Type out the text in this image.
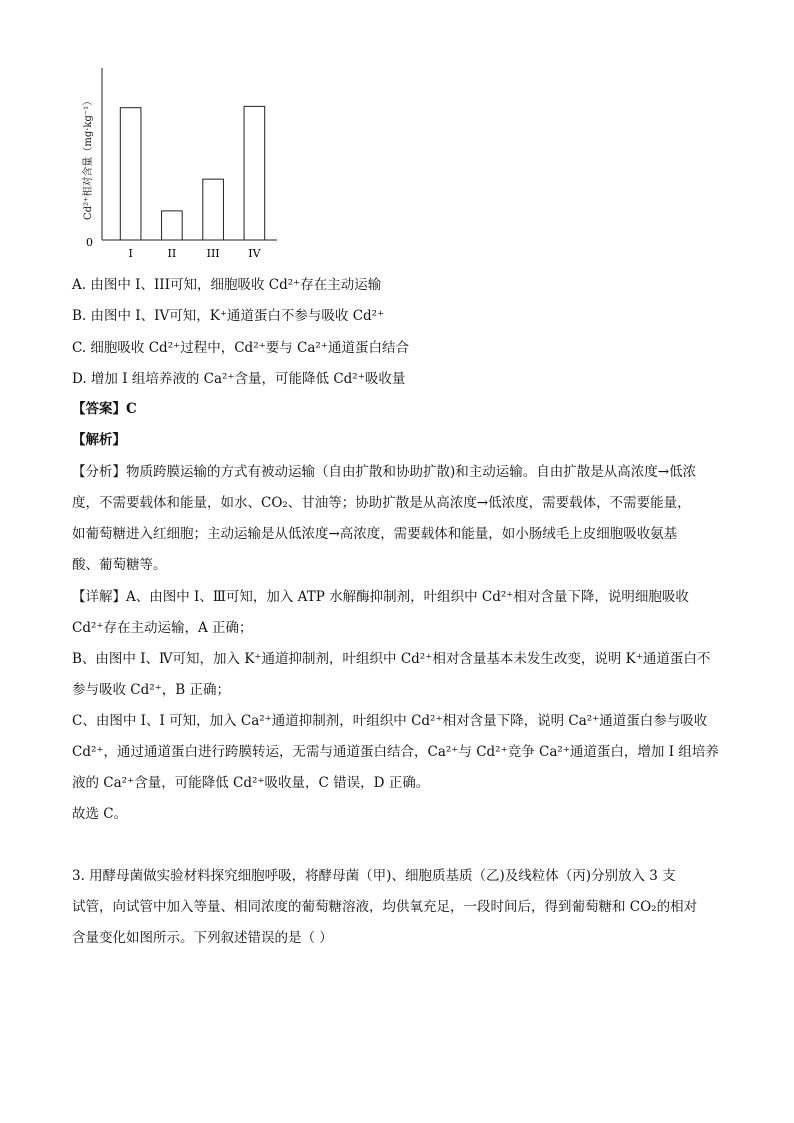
0
I	II	III	IV
Cd²⁺相对含量（mg·kg⁻¹）
A. 由图中 I、III可知，细胞吸收 Cd²⁺存在主动运输
B. 由图中 I、IV可知，K⁺通道蛋白不参与吸收 Cd²⁺
C. 细胞吸收 Cd²⁺过程中，Cd²⁺要与 Ca²⁺通道蛋白结合
D. 增加 I 组培养液的 Ca²⁺含量，可能降低 Cd²⁺吸收量
【答案】C
【解析】
【分析】物质跨膜运输的方式有被动运输（自由扩散和协助扩散)和主动运输。自由扩散是从高浓度→低浓
度，不需要载体和能量，如水、CO₂、甘油等；协助扩散是从高浓度→低浓度，需要载体，不需要能量，
如葡萄糖进入红细胞；主动运输是从低浓度→高浓度，需要载体和能量，如小肠绒毛上皮细胞吸收氨基
酸、葡萄糖等。
【详解】A、由图中 I、Ⅲ可知，加入 ATP 水解酶抑制剂，叶组织中 Cd²⁺相对含量下降，说明细胞吸收
Cd²⁺存在主动运输，A 正确；
B、由图中 I、Ⅳ可知，加入 K⁺通道抑制剂，叶组织中 Cd²⁺相对含量基本未发生改变，说明 K⁺通道蛋白不
参与吸收 Cd²⁺，B 正确；
C、由图中 I、I 可知，加入 Ca²⁺通道抑制剂，叶组织中 Cd²⁺相对含量下降，说明 Ca²⁺通道蛋白参与吸收
Cd²⁺，通过通道蛋白进行跨膜转运，无需与通道蛋白结合，Ca²⁺与 Cd²⁺竞争 Ca²⁺通道蛋白，增加 I 组培养
液的 Ca²⁺含量，可能降低 Cd²⁺吸收量，C 错误，D 正确。
故选 C。
3. 用酵母菌做实验材料探究细胞呼吸，将酵母菌（甲)、细胞质基质（乙)及线粒体（丙)分别放入 3 支
试管，向试管中加入等量、相同浓度的葡萄糖溶液，均供氧充足，一段时间后，得到葡萄糖和 CO₂的相对
含量变化如图所示。下列叙述错误的是（ ）
